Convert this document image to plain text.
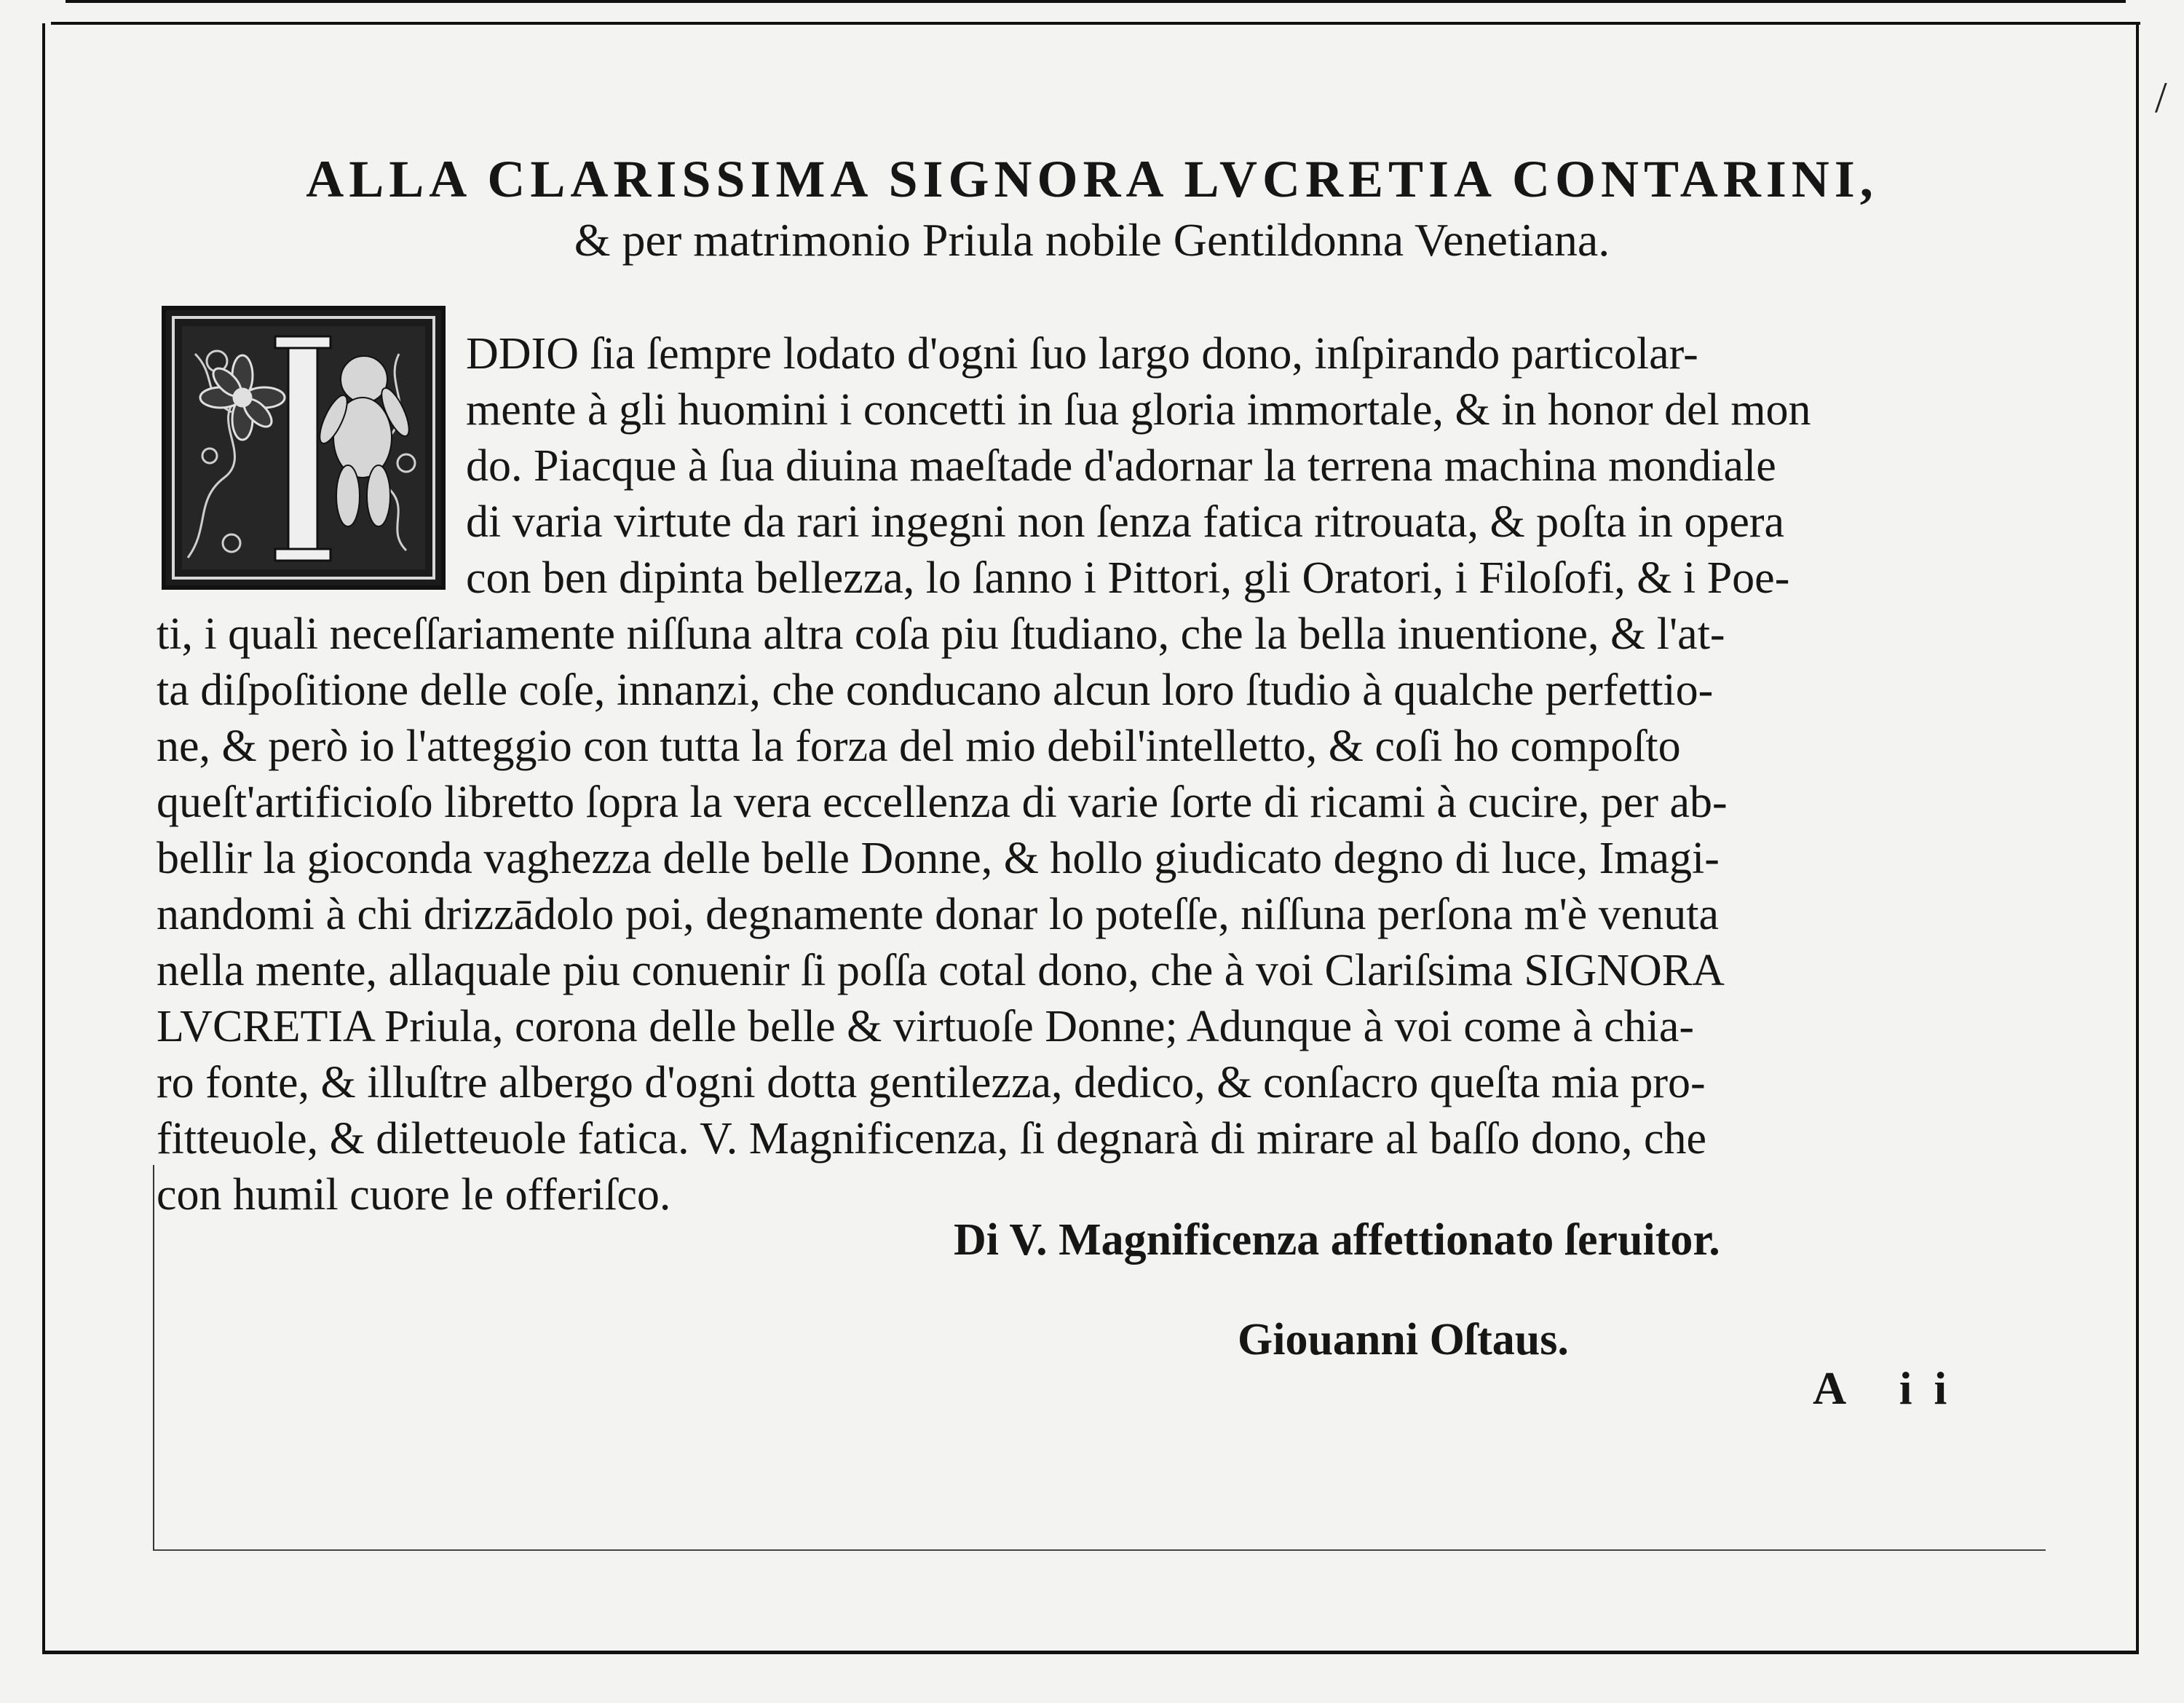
/
ALLA CLARISSIMA SIGNORA LVCRETIA CONTARINI,
& per matrimonio Priula nobile Gentildonna Venetiana.
DDIO ſia ſempre lodato d'ogni ſuo largo dono, inſpirando particolar-
mente à gli huomini i concetti in ſua gloria immortale, & in honor del mon
do. Piacque à ſua diuina maeſtade d'adornar la terrena machina mondiale
di varia virtute da rari ingegni non ſenza fatica ritrouata, & poſta in opera
con ben dipinta bellezza, lo ſanno i Pittori, gli Oratori, i Filoſofi, & i Poe-
ti, i quali neceſſariamente niſſuna altra coſa piu ſtudiano, che la bella inuentione, & l'at-
ta diſpoſitione delle coſe, innanzi, che conducano alcun loro ſtudio à qualche perfettio-
ne, & però io l'atteggio con tutta la forza del mio debil'intelletto, & coſi ho compoſto
queſt'artificioſo libretto ſopra la vera eccellenza di varie ſorte di ricami à cucire, per ab-
bellir la gioconda vaghezza delle belle Donne, & hollo giudicato degno di luce, Imagi-
nandomi à chi drizzādolo poi, degnamente donar lo poteſſe, niſſuna perſona m'è venuta
nella mente, allaquale piu conuenir ſi poſſa cotal dono, che à voi Clariſsima SIGNORA
LVCRETIA Priula, corona delle belle & virtuoſe Donne; Adunque à voi come à chia-
ro fonte, & illuſtre albergo d'ogni dotta gentilezza, dedico, & conſacro queſta mia pro-
fitteuole, & diletteuole fatica. V. Magnificenza, ſi degnarà di mirare al baſſo dono, che
con humil cuore le offeriſco.
Di V. Magnificenza affettionato ſeruitor.
Giouanni Oſtaus.
A ii
